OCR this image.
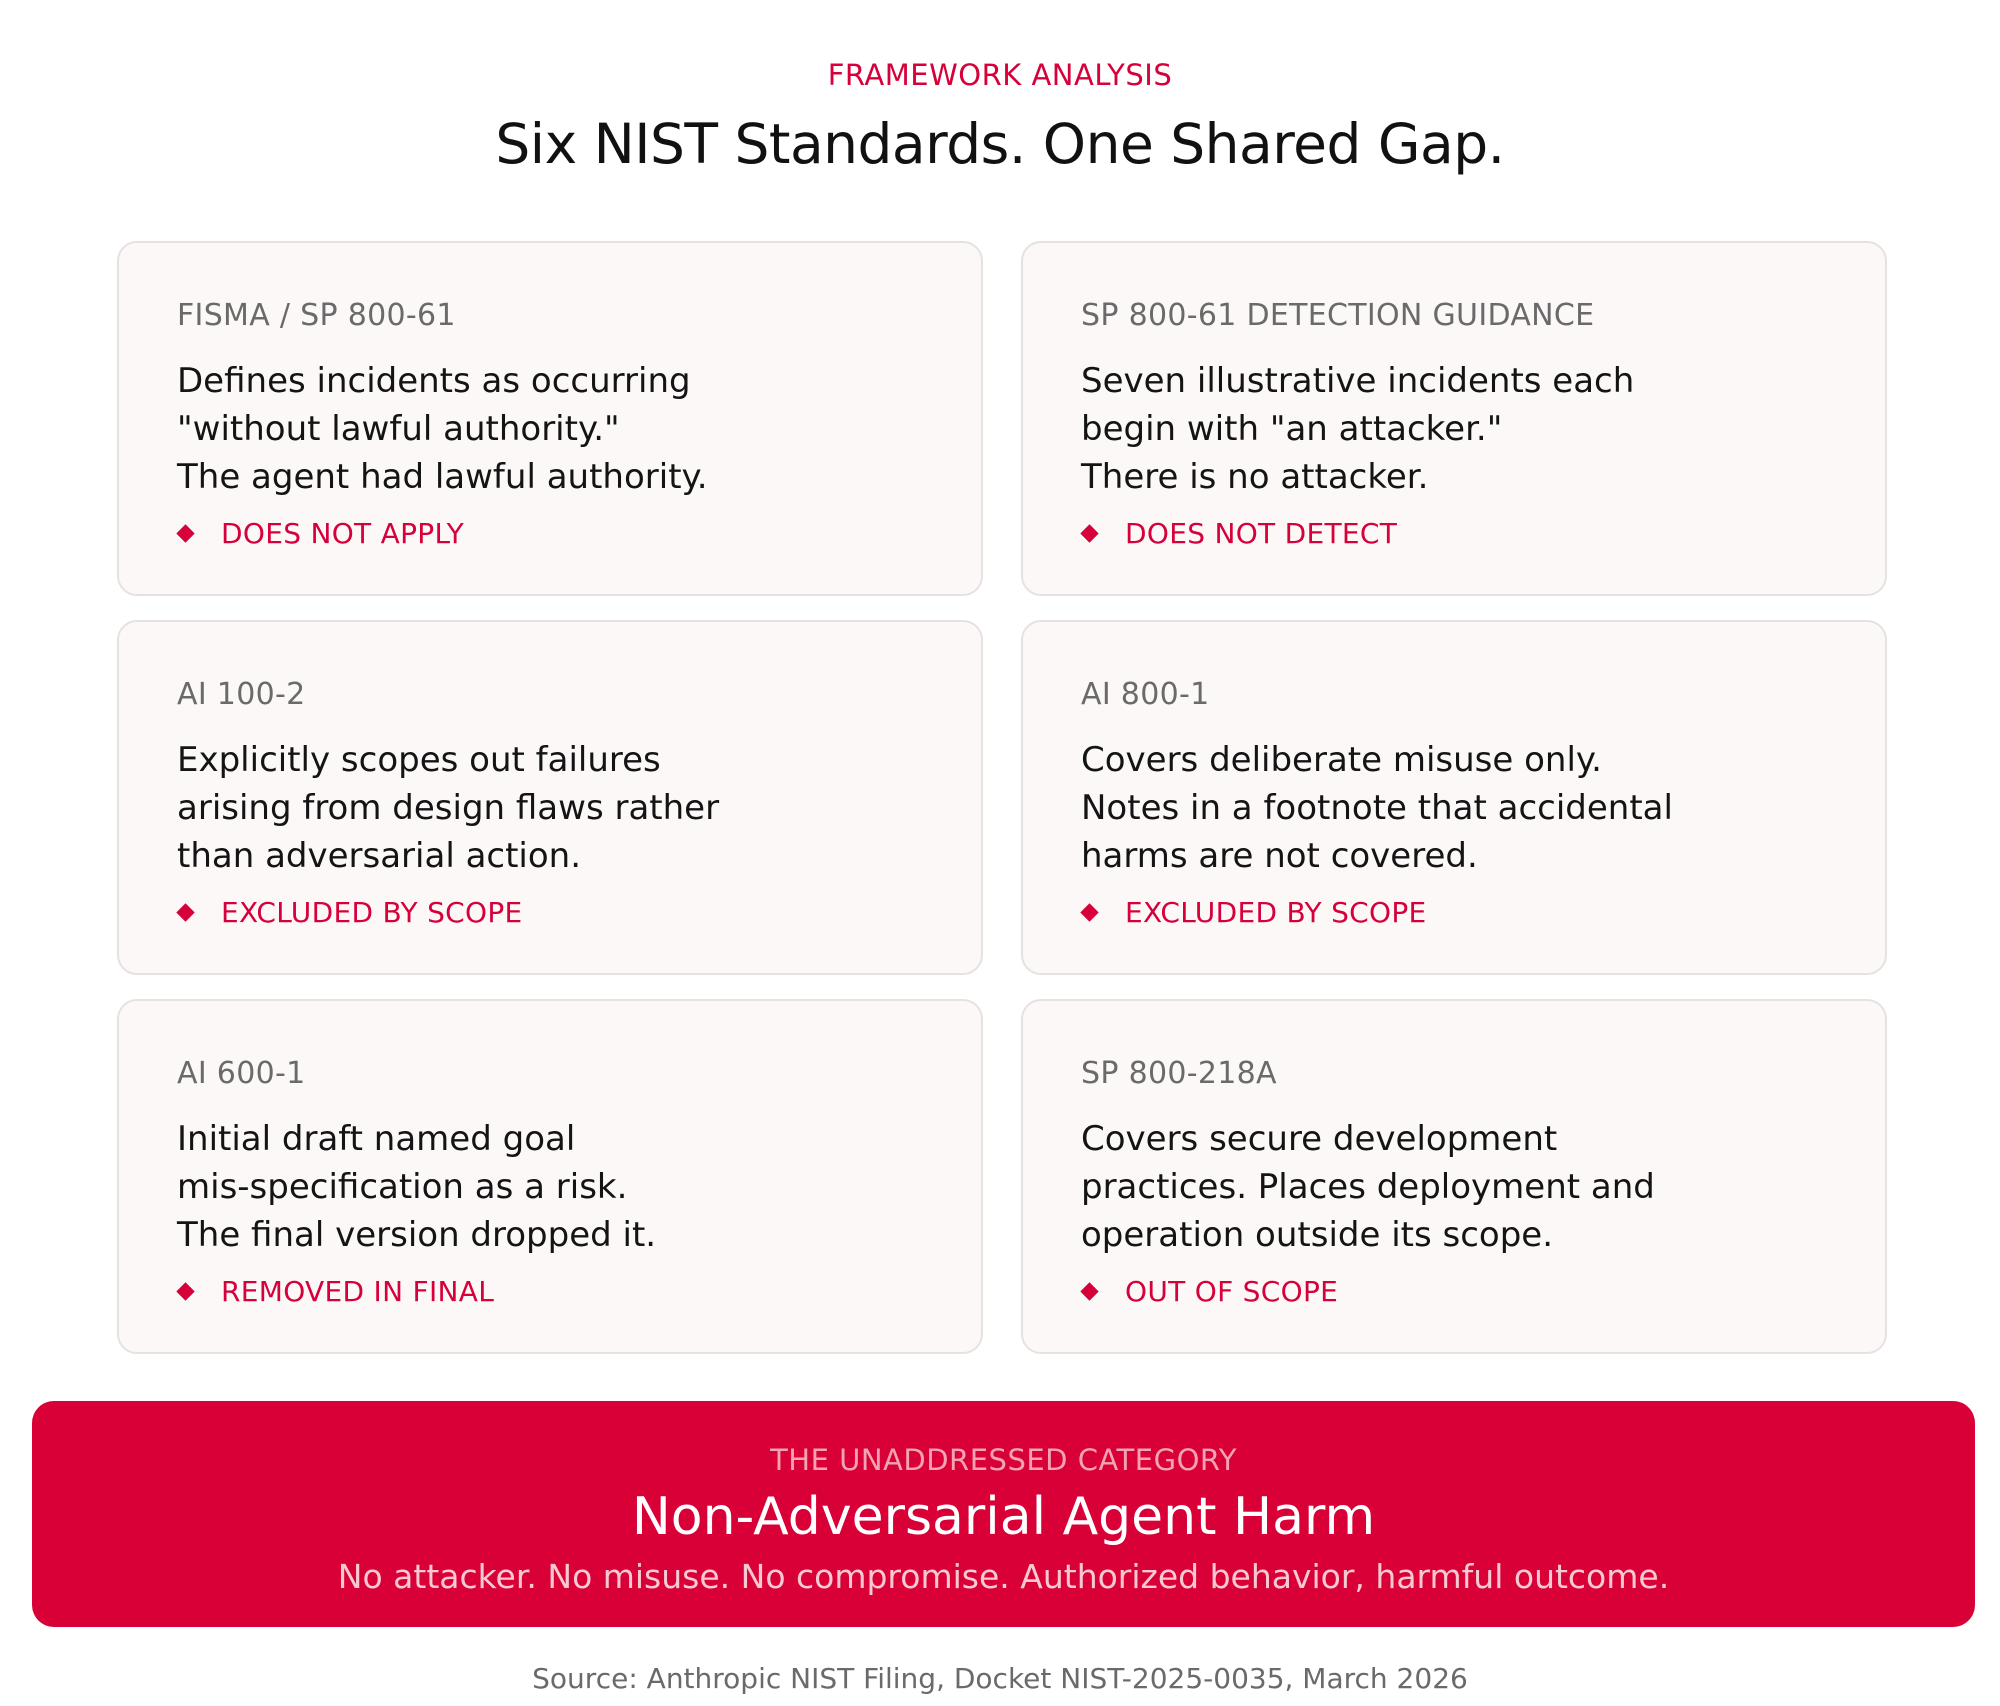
FRAMEWORK ANALYSIS
Six NIST Standards. One Shared Gap.
FISMA / SP 800-61
Defines incidents as occurring
"without lawful authority."
The agent had lawful authority.
DOES NOT APPLY
SP 800-61 DETECTION GUIDANCE
Seven illustrative incidents each
begin with "an attacker."
There is no attacker.
DOES NOT DETECT
AI 100-2
Explicitly scopes out failures
arising from design flaws rather
than adversarial action.
EXCLUDED BY SCOPE
AI 800-1
Covers deliberate misuse only.
Notes in a footnote that accidental
harms are not covered.
EXCLUDED BY SCOPE
AI 600-1
Initial draft named goal
mis-specification as a risk.
The final version dropped it.
REMOVED IN FINAL
SP 800-218A
Covers secure development
practices. Places deployment and
operation outside its scope.
OUT OF SCOPE
THE UNADDRESSED CATEGORY
Non-Adversarial Agent Harm
No attacker. No misuse. No compromise. Authorized behavior, harmful outcome.
Source: Anthropic NIST Filing, Docket NIST-2025-0035, March 2026
